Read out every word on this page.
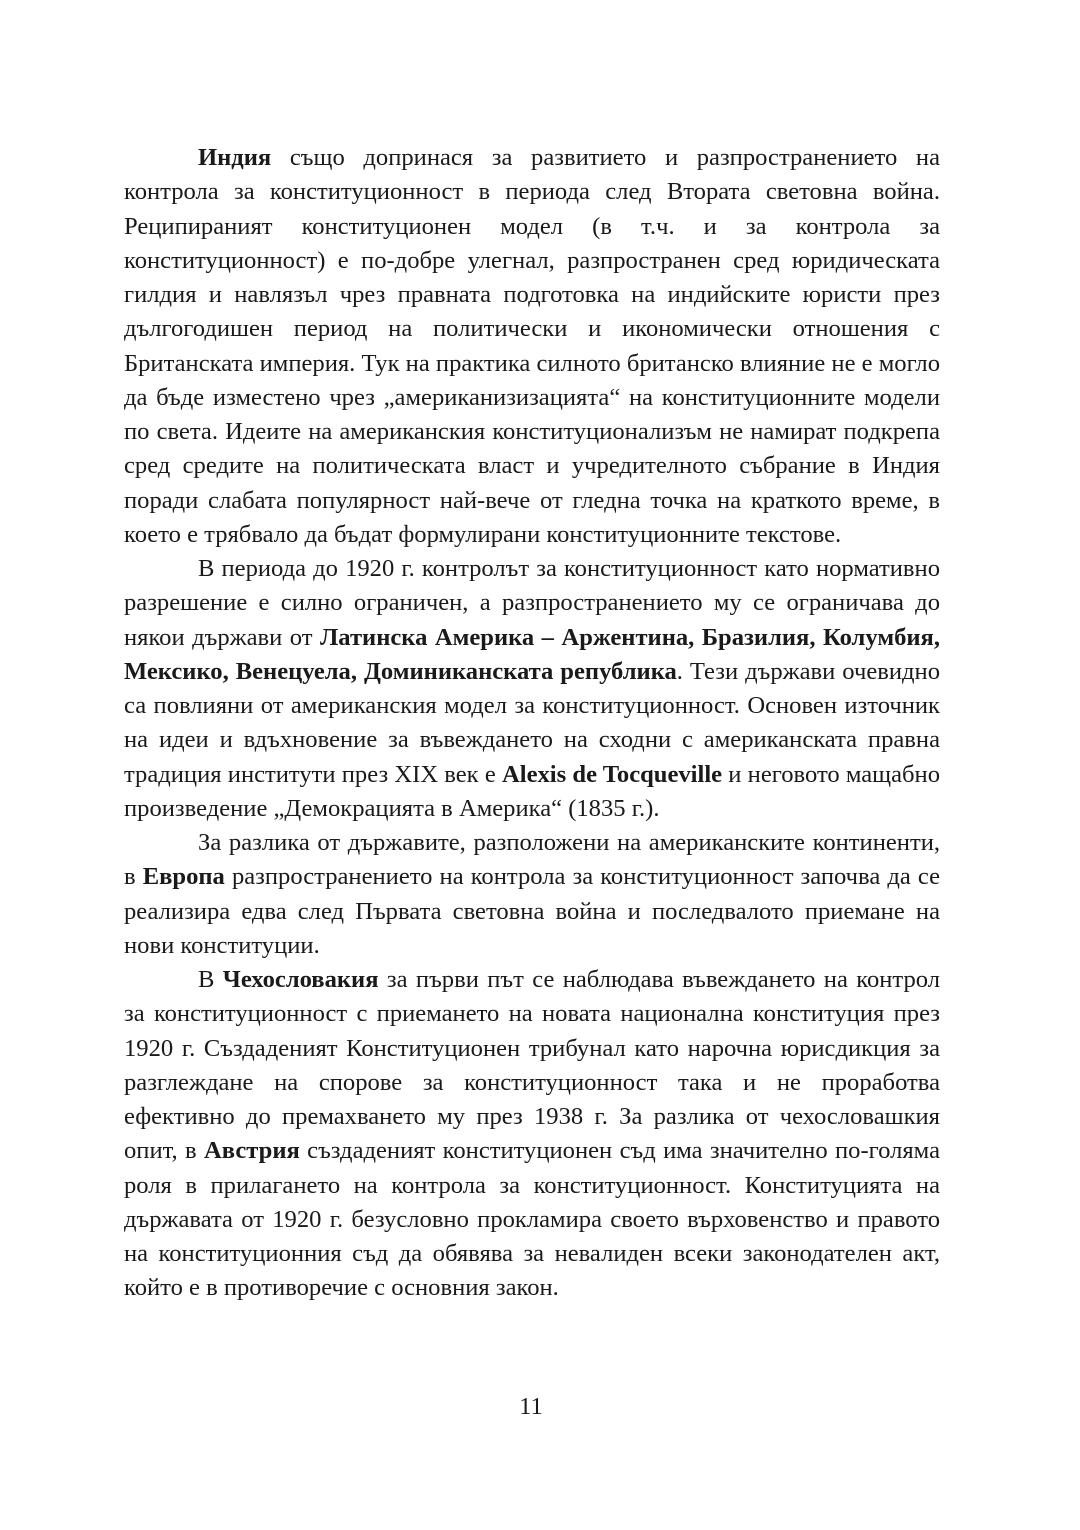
Индия също допринася за развитието и разпространението на контрола за конституционност в периода след Втората световна война. Реципираният конституционен модел (в т.ч. и за контрола за конституционност) е по-добре улегнал, разпространен сред юридическата гилдия и навлязъл чрез правната подготовка на индийските юристи през дългогодишен период на политически и икономически отношения с Британската империя. Тук на практика силното британско влияние не е могло да бъде изместено чрез „американизизацията“ на конституционните модели по света. Идеите на американския конституционализъм не намират подкрепа сред средите на политическата власт и учредителното събрание в Индия поради слабата популярност най-вече от гледна точка на краткото време, в което е трябвало да бъдат формулирани конституционните текстове.

В периода до 1920 г. контролът за конституционност като нормативно разрешение е силно ограничен, а разпространението му се ограничава до някои държави от Латинска Америка – Аржентина, Бразилия, Колумбия, Мексико, Венецуела, Доминиканската република. Тези държави очевидно са повлияни от американския модел за конституционност. Основен източник на идеи и вдъхновение за въвеждането на сходни с американската правна традиция институти през XIX век е Alexis de Tocqueville и неговото мащабно произведение „Демокрацията в Америка“ (1835 г.).

За разлика от държавите, разположени на американските континенти, в Европа разпространението на контрола за конституционност започва да се реализира едва след Първата световна война и последвалото приемане на нови конституции.

В Чехословакия за първи път се наблюдава въвеждането на контрол за конституционност с приемането на новата национална конституция през 1920 г. Създаденият Конституционен трибунал като нарочна юрисдикция за разглеждане на спорове за конституционност така и не проработва ефективно до премахването му през 1938 г. За разлика от чехословашкия опит, в Австрия създаденият конституционен съд има значително по-голяма роля в прилагането на контрола за конституционност. Конституцията на държавата от 1920 г. безусловно прокламира своето върховенство и правото на конституционния съд да обявява за невалиден всеки законодателен акт, който е в противоречие с основния закон.

11
